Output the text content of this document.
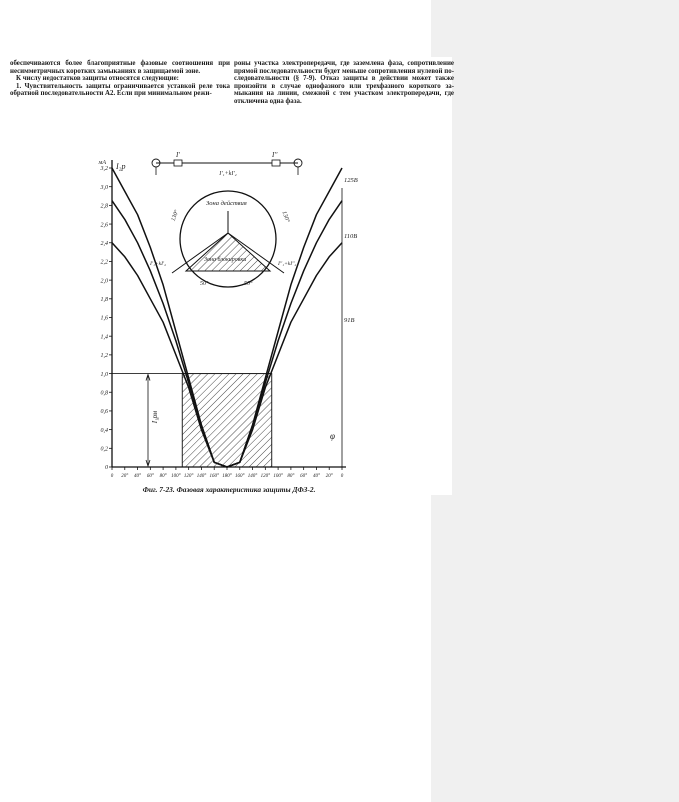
обеспечиваются более благоприятные фазовые соотношения при несимметричных коротких замыканиях в защищаемой зоне.

К числу недостатков защиты относятся следующие:

1. Чувствительность защиты ограничивается уставкой реле тока обратной последовательности А2. Если при минимальном режи-

роны участка электропередачи, где заземлена фаза, сопротивление прямой последовательности будет меньше сопротивления нулевой последовательности (§ 7-9). Отказ защиты в действии может также произойти в случае однофазного или трехфазного короткого замыкания на линии, смежной с тем участком электропередачи, где отключена одна фаза.

0
0,2
0,4
0,6
0,8
1,0
1,2
1,4
1,6
1,8
2,0
2,2
2,4
2,6
2,8
3,0
3,2
0 20° 40° 60° 80° 100° 120° 140° 160° 180° 160° 140° 120° 100° 80° 60° 40° 20° 0
мА I₂р
φ
I₁рм
125В
110В
91В
I'	I''
I'₁+kI'₂
Зона действия
Зона блокировки
I'₁+kI'₂	I''₁+kI''₂
50°	50°
130°	130°
Фиг. 7-23. Фазовая характеристика защиты ДФЗ-2.
